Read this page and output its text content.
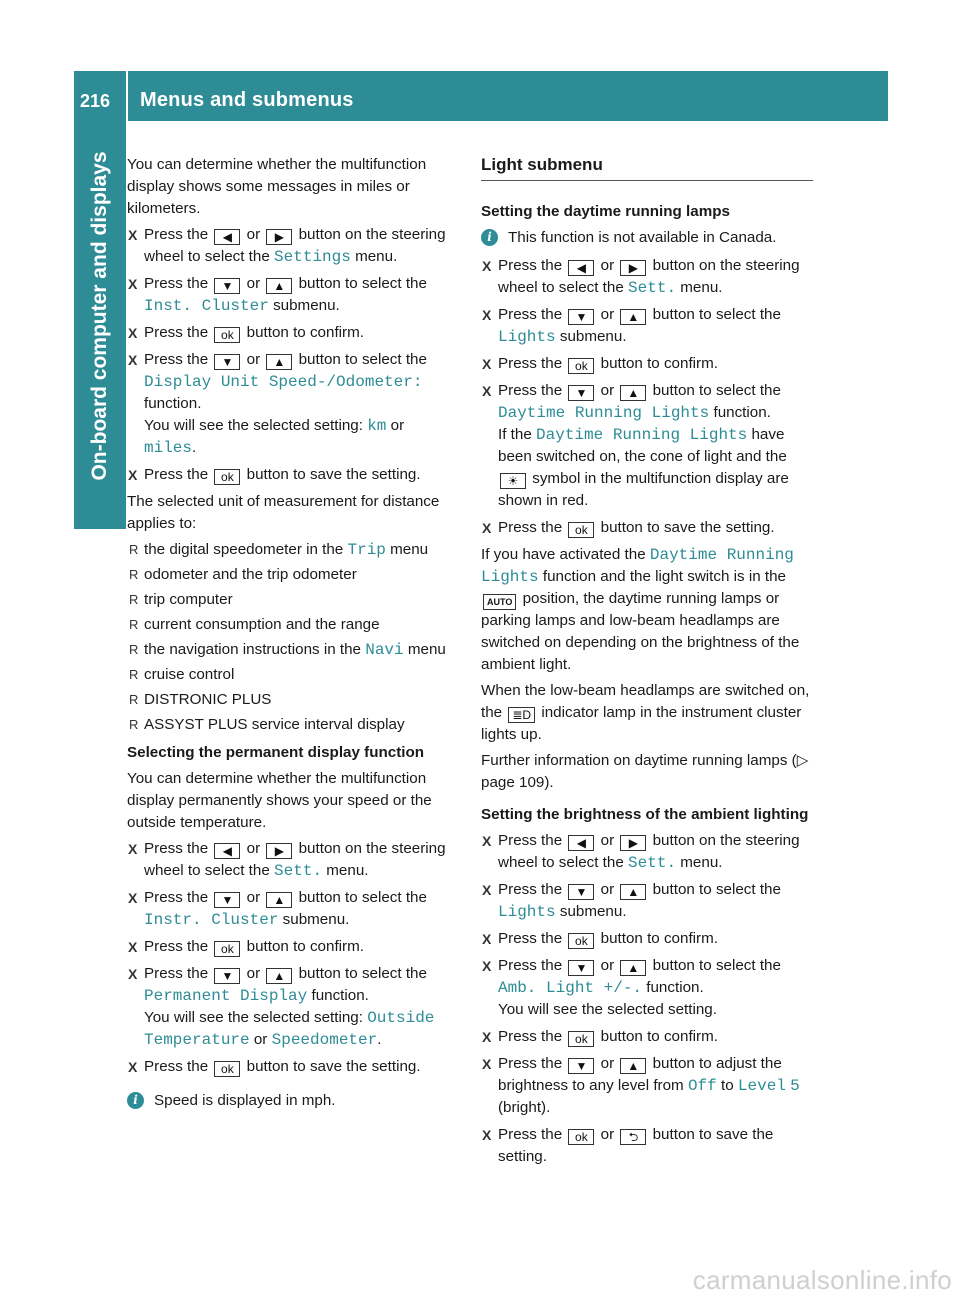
216 Menus and submenus
On-board computer and displays You can determine whether the multifunction display shows some messages in miles or kilometers.

X Press the ◀ or ▶ button on the steering wheel to select the Settings menu.
X Press the ▼ or ▲ button to select the Inst. Cluster submenu.
X Press the ok button to confirm.
X Press the ▼ or ▲ button to select the Display Unit Speed-/Odometer: function.
You will see the selected setting: km or miles.
X Press the ok button to save the setting.

The selected unit of measurement for distance applies to:

R the digital speedometer in the Trip menu
R odometer and the trip odometer
R trip computer
R current consumption and the range
R the navigation instructions in the Navi menu
R cruise control
R DISTRONIC PLUS
R ASSYST PLUS service interval display

Selecting the permanent display function

You can determine whether the multifunction display permanently shows your speed or the outside temperature.

X Press the ◀ or ▶ button on the steering wheel to select the Sett. menu.
X Press the ▼ or ▲ button to select the Instr. Cluster submenu.
X Press the ok button to confirm.
X Press the ▼ or ▲ button to select the Permanent Display function.
You will see the selected setting: Outside Temperature or Speedometer.
X Press the ok button to save the setting.
i	Speed is displayed in mph.
Light submenu

Setting the daytime running lamps

i	This function is not available in Canada.
X Press the ◀ or ▶ button on the steering wheel to select the Sett. menu.
X Press the ▼ or ▲ button to select the Lights submenu.
X Press the ok button to confirm.
X Press the ▼ or ▲ button to select the Daytime Running Lights function.
If the Daytime Running Lights have been switched on, the cone of light and the ☀ symbol in the multifunction display are shown in red.
X Press the ok button to save the setting.

If you have activated the Daytime Running Lights function and the light switch is in the AUTO position, the daytime running lamps or parking lamps and low-beam headlamps are switched on depending on the brightness of the ambient light.

When the low-beam headlamps are switched on, the ≣D indicator lamp in the instrument cluster lights up.

Further information on daytime running lamps (▷ page 109).

Setting the brightness of the ambient lighting

X Press the ◀ or ▶ button on the steering wheel to select the Sett. menu.
X Press the ▼ or ▲ button to select the Lights submenu.
X Press the ok button to confirm.
X Press the ▼ or ▲ button to select the Amb. Light +/-. function.
You will see the selected setting.
X Press the ok button to confirm.
X Press the ▼ or ▲ button to adjust the brightness to any level from Off to Level 5 (bright).
X Press the ok or ⮌ button to save the setting.
carmanualsonline.info
